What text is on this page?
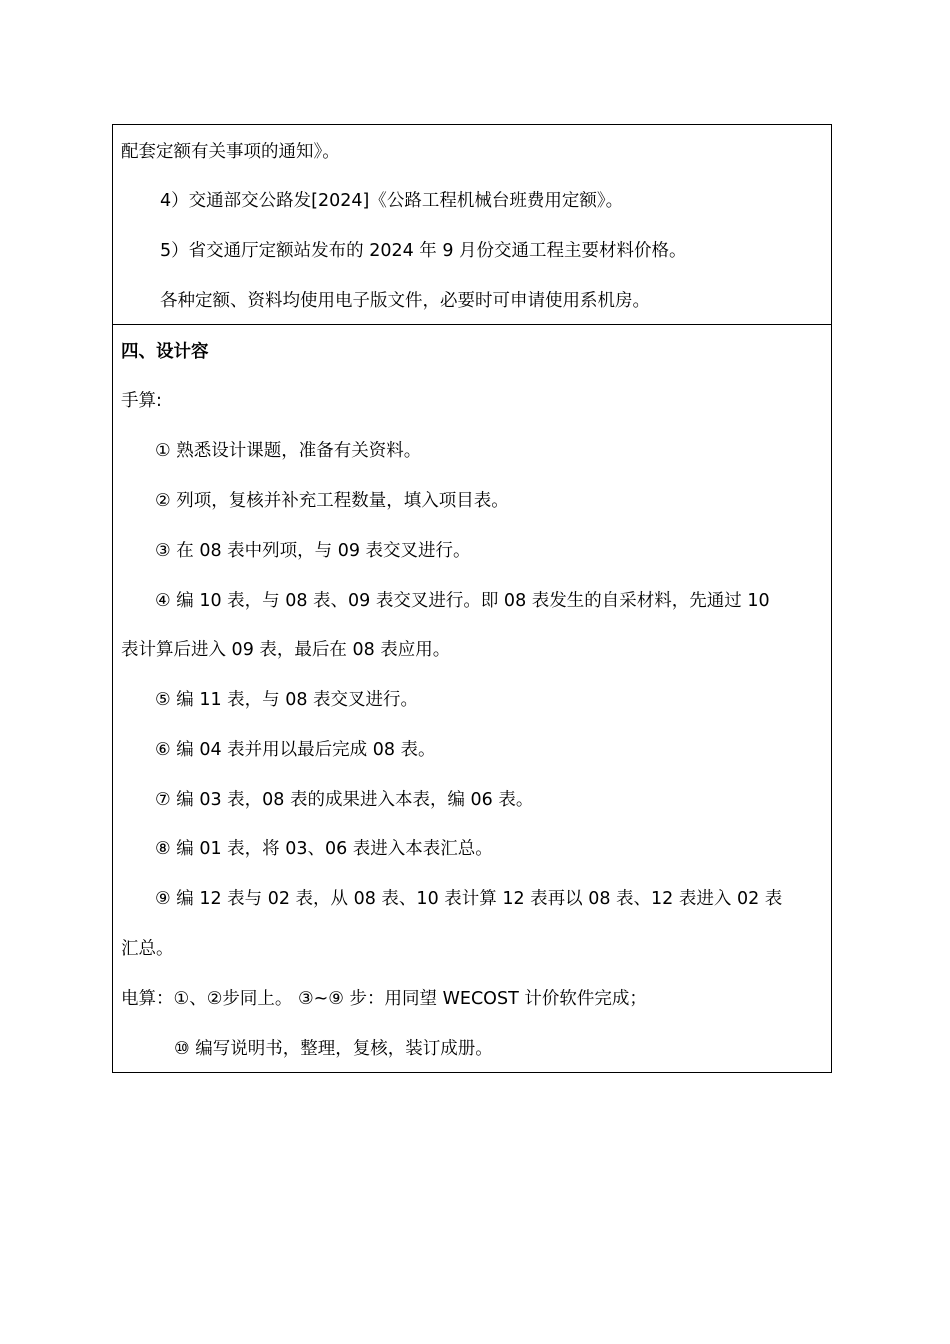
配套定额有关事项的通知》。
4）交通部交公路发[2024]《公路工程机械台班费用定额》。
5）省交通厅定额站发布的 2024 年 9 月份交通工程主要材料价格。
各种定额、资料均使用电子版文件，必要时可申请使用系机房。
四、设计容
手算:
① 熟悉设计课题，准备有关资料。
② 列项，复核并补充工程数量，填入项目表。
③ 在 08 表中列项，与 09 表交叉进行。
④ 编 10 表，与 08 表、09 表交叉进行。即 08 表发生的自采材料，先通过 10
表计算后进入 09 表，最后在 08 表应用。
⑤ 编 11 表，与 08 表交叉进行。
⑥ 编 04 表并用以最后完成 08 表。
⑦ 编 03 表，08 表的成果进入本表，编 06 表。
⑧ 编 01 表，将 03、06 表进入本表汇总。
⑨ 编 12 表与 02 表，从 08 表、10 表计算 12 表再以 08 表、12 表进入 02 表
汇总。
电算：①、②步同上。 ③~⑨ 步：用同望 WECOST 计价软件完成；
⑩ 编写说明书，整理，复核，装订成册。
